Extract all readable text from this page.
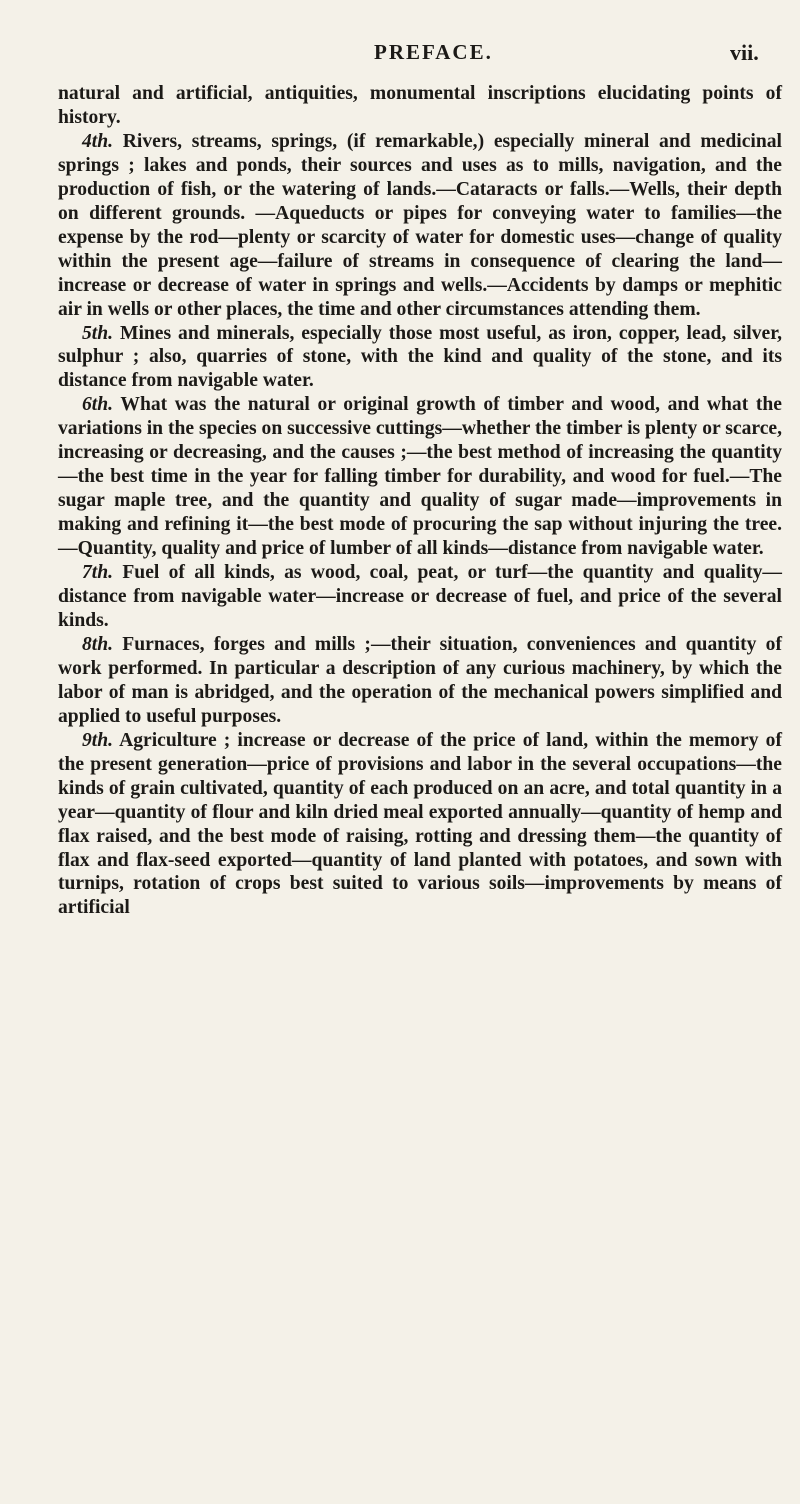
PREFACE.	vii.

natural and artificial, antiquities, monumental inscriptions elucidating points of history.

4th. Rivers, streams, springs, (if remarkable,) especially mineral and medicinal springs ; lakes and ponds, their sources and uses as to mills, navigation, and the production of fish, or the watering of lands.—Cataracts or falls.—Wells, their depth on different grounds. —Aqueducts or pipes for conveying water to families—the expense by the rod—plenty or scarcity of water for domestic uses—change of quality within the present age—failure of streams in consequence of clearing the land—increase or decrease of water in springs and wells.—Accidents by damps or mephitic air in wells or other places, the time and other circumstances attending them.

5th. Mines and minerals, especially those most useful, as iron, copper, lead, silver, sulphur ; also, quarries of stone, with the kind and quality of the stone, and its distance from navigable water.

6th. What was the natural or original growth of timber and wood, and what the variations in the species on successive cuttings—whether the timber is plenty or scarce, increasing or decreasing, and the causes ;—the best method of increasing the quantity—the best time in the year for falling timber for durability, and wood for fuel.—The sugar maple tree, and the quantity and quality of sugar made—improvements in making and refining it—the best mode of procuring the sap without injuring the tree.—Quantity, quality and price of lumber of all kinds—distance from navigable water.

7th. Fuel of all kinds, as wood, coal, peat, or turf—the quantity and quality—distance from navigable water—increase or decrease of fuel, and price of the several kinds.

8th. Furnaces, forges and mills ;—their situation, conveniences and quantity of work performed. In particular a description of any curious machinery, by which the labor of man is abridged, and the operation of the mechanical powers simplified and applied to useful purposes.

9th. Agriculture ; increase or decrease of the price of land, within the memory of the present generation—price of provisions and labor in the several occupations—the kinds of grain cultivated, quantity of each produced on an acre, and total quantity in a year—quantity of flour and kiln dried meal exported annually—quantity of hemp and flax raised, and the best mode of raising, rotting and dressing them—the quantity of flax and flax-seed exported—quantity of land planted with potatoes, and sown with turnips, rotation of crops best suited to various soils—improvements by means of artificial
